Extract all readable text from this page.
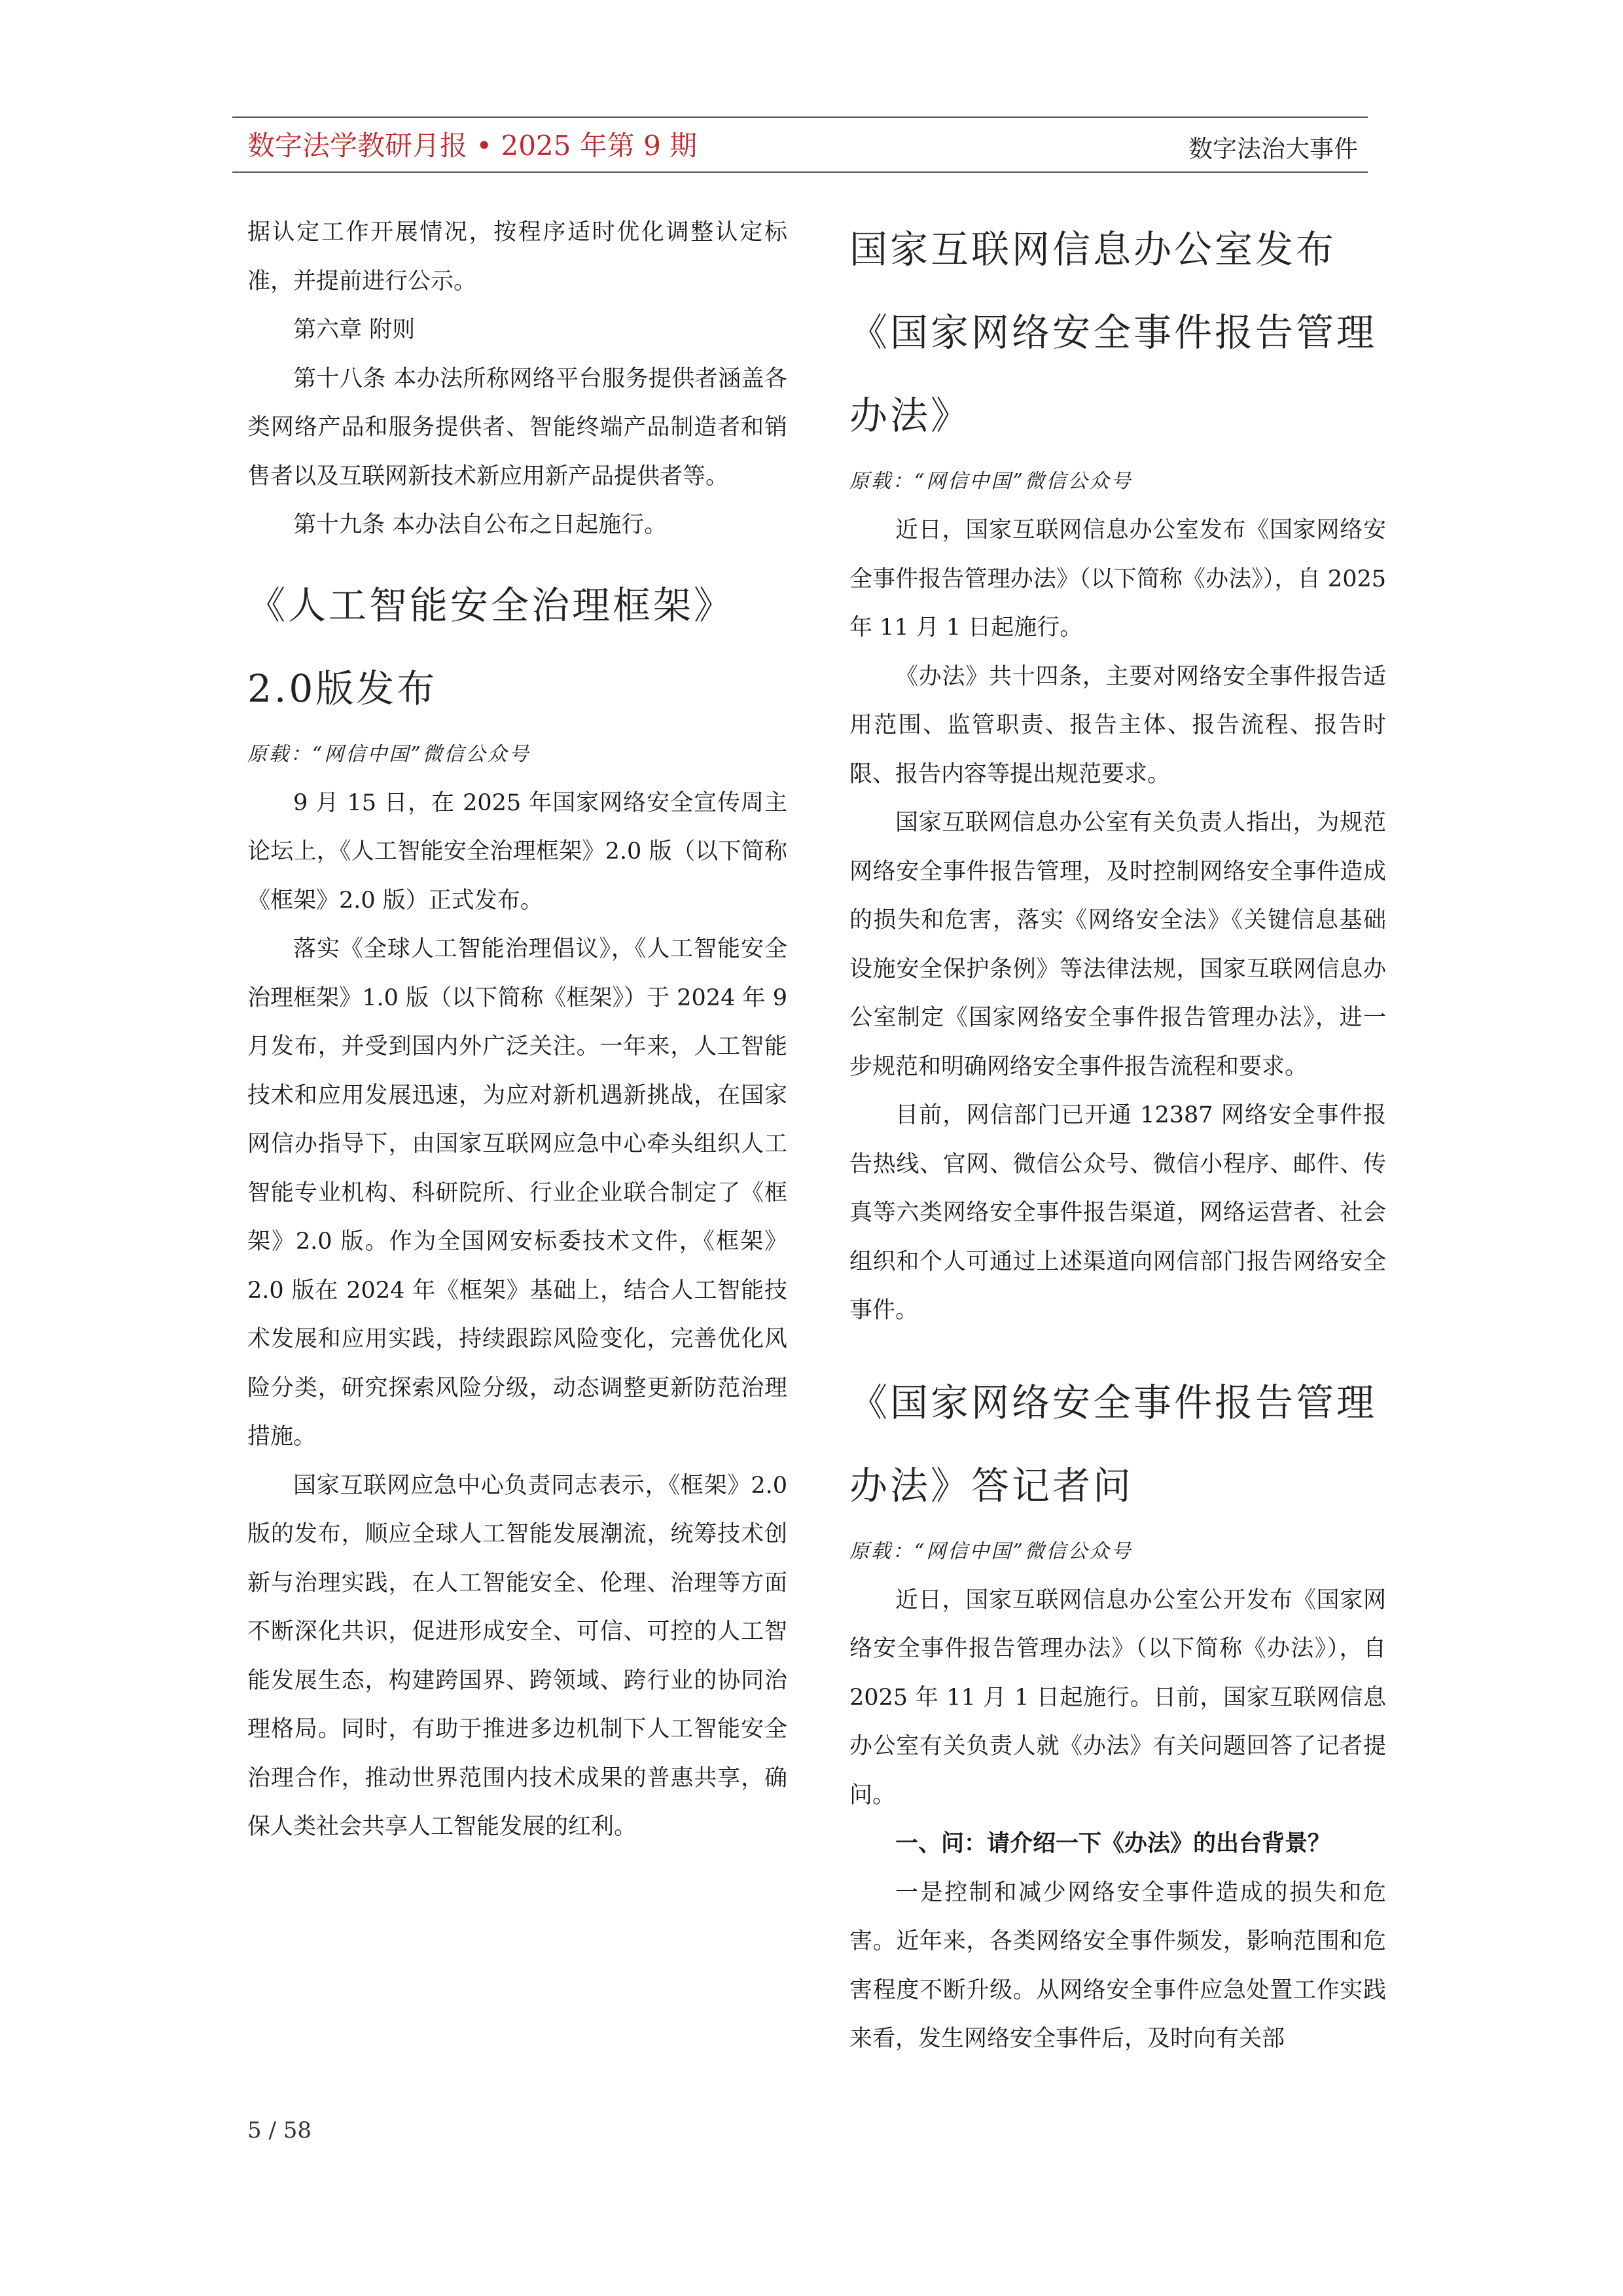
数字法学教研月报 • 2025 年第 9 期	数字法治大事件

据认定工作开展情况，按程序适时优化调整认定标准，并提前进行公示。

第六章 附则

第十八条 本办法所称网络平台服务提供者涵盖各类网络产品和服务提供者、智能终端产品制造者和销售者以及互联网新技术新应用新产品提供者等。

第十九条 本办法自公布之日起施行。

《人工智能安全治理框架》2.0版发布

原载：“网信中国”微信公众号

9 月 15 日，在 2025 年国家网络安全宣传周主论坛上，《人工智能安全治理框架》2.0 版（以下简称《框架》2.0 版）正式发布。

落实《全球人工智能治理倡议》，《人工智能安全治理框架》1.0 版（以下简称《框架》）于 2024 年 9 月发布，并受到国内外广泛关注。一年来，人工智能技术和应用发展迅速，为应对新机遇新挑战，在国家网信办指导下，由国家互联网应急中心牵头组织人工智能专业机构、科研院所、行业企业联合制定了《框架》2.0 版。作为全国网安标委技术文件，《框架》2.0 版在 2024 年《框架》基础上，结合人工智能技术发展和应用实践，持续跟踪风险变化，完善优化风险分类，研究探索风险分级，动态调整更新防范治理措施。

国家互联网应急中心负责同志表示，《框架》2.0 版的发布，顺应全球人工智能发展潮流，统筹技术创新与治理实践，在人工智能安全、伦理、治理等方面不断深化共识，促进形成安全、可信、可控的人工智能发展生态，构建跨国界、跨领域、跨行业的协同治理格局。同时，有助于推进多边机制下人工智能安全治理合作，推动世界范围内技术成果的普惠共享，确保人类社会共享人工智能发展的红利。

国家互联网信息办公室发布《国家网络安全事件报告管理办法》

原载：“网信中国”微信公众号

近日，国家互联网信息办公室发布《国家网络安全事件报告管理办法》（以下简称《办法》），自 2025 年 11 月 1 日起施行。

《办法》共十四条，主要对网络安全事件报告适用范围、监管职责、报告主体、报告流程、报告时限、报告内容等提出规范要求。

国家互联网信息办公室有关负责人指出，为规范网络安全事件报告管理，及时控制网络安全事件造成的损失和危害，落实《网络安全法》《关键信息基础设施安全保护条例》等法律法规，国家互联网信息办公室制定《国家网络安全事件报告管理办法》，进一步规范和明确网络安全事件报告流程和要求。

目前，网信部门已开通 12387 网络安全事件报告热线、官网、微信公众号、微信小程序、邮件、传真等六类网络安全事件报告渠道，网络运营者、社会组织和个人可通过上述渠道向网信部门报告网络安全事件。

《国家网络安全事件报告管理办法》答记者问

原载：“网信中国”微信公众号

近日，国家互联网信息办公室公开发布《国家网络安全事件报告管理办法》（以下简称《办法》），自 2025 年 11 月 1 日起施行。日前，国家互联网信息办公室有关负责人就《办法》有关问题回答了记者提问。

一、问：请介绍一下《办法》的出台背景？

一是控制和减少网络安全事件造成的损失和危害。近年来，各类网络安全事件频发，影响范围和危害程度不断升级。从网络安全事件应急处置工作实践来看，发生网络安全事件后，及时向有关部

5 / 58
